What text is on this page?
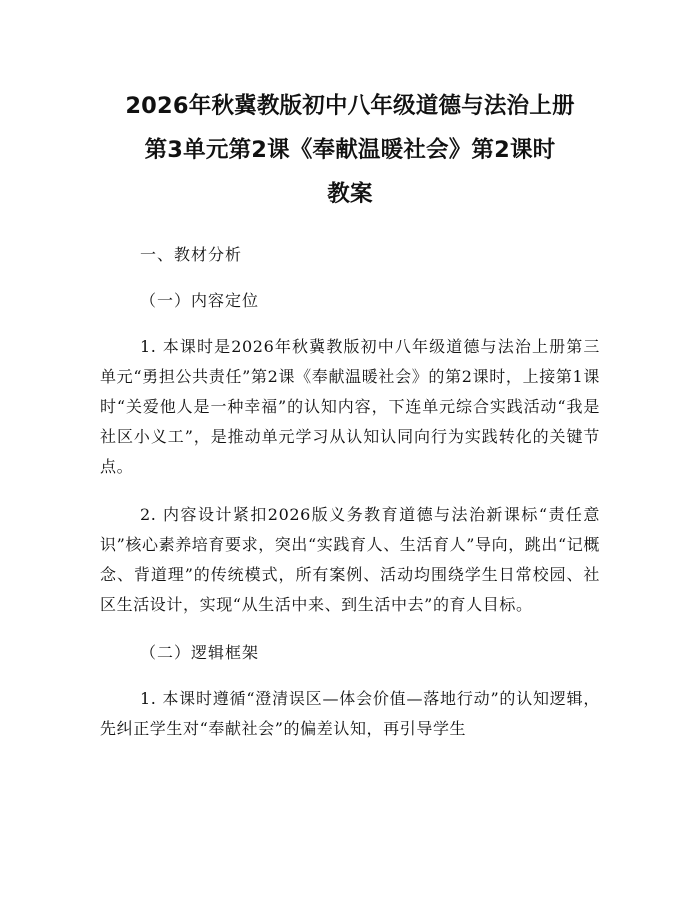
2026年秋冀教版初中八年级道德与法治上册
第3单元第2课《奉献温暖社会》第2课时
教案

一、教材分析

（一）内容定位

1. 本课时是2026年秋冀教版初中八年级道德与法治上册第三单元“勇担公共责任”第2课《奉献温暖社会》的第2课时，上接第1课时“关爱他人是一种幸福”的认知内容，下连单元综合实践活动“我是社区小义工”，是推动单元学习从认知认同向行为实践转化的关键节点。

2. 内容设计紧扣2026版义务教育道德与法治新课标“责任意识”核心素养培育要求，突出“实践育人、生活育人”导向，跳出“记概念、背道理”的传统模式，所有案例、活动均围绕学生日常校园、社区生活设计，实现“从生活中来、到生活中去”的育人目标。

（二）逻辑框架

1. 本课时遵循“澄清误区—体会价值—落地行动”的认知逻辑，先纠正学生对“奉献社会”的偏差认知，再引导学生
